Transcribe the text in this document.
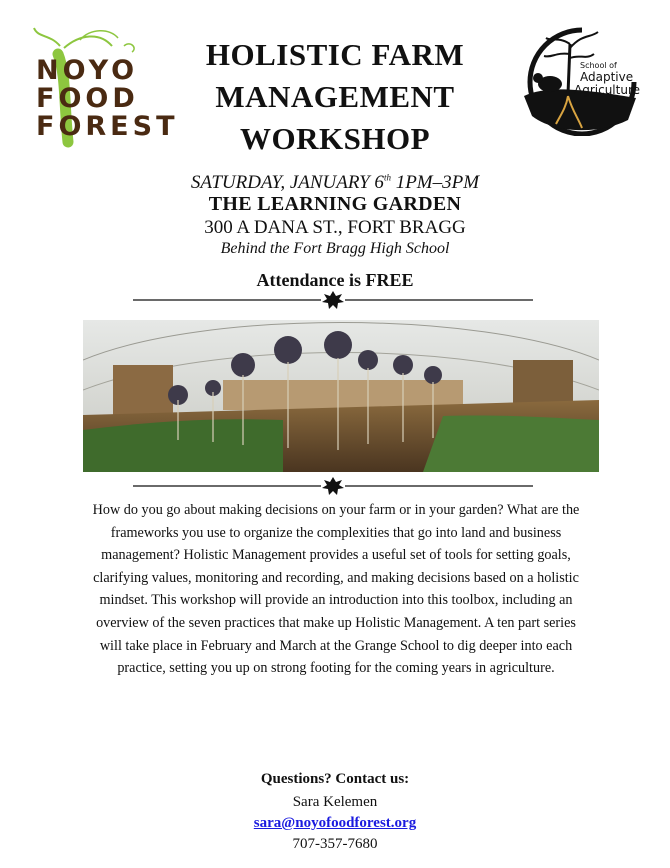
NOYO
FOOD
FOREST
School of
Adaptive
Agriculture
HOLISTIC FARM
MANAGEMENT
WORKSHOP
SATURDAY, JANUARY 6th 1PM–3PM
THE LEARNING GARDEN
300 A DANA ST., FORT BRAGG
Behind the Fort Bragg High School
Attendance is FREE
How do you go about making decisions on your farm or in your garden? What are the frameworks you use to organize the complexities that go into land and business management? Holistic Management provides a useful set of tools for setting goals, clarifying values, monitoring and recording, and making decisions based on a holistic mindset. This workshop will provide an introduction into this toolbox, including an overview of the seven practices that make up Holistic Management. A ten part series will take place in February and March at the Grange School to dig deeper into each practice, setting you up on strong footing for the coming years in agriculture.
Questions? Contact us:
Sara Kelemen
sara@noyofoodforest.org
707-357-7680
